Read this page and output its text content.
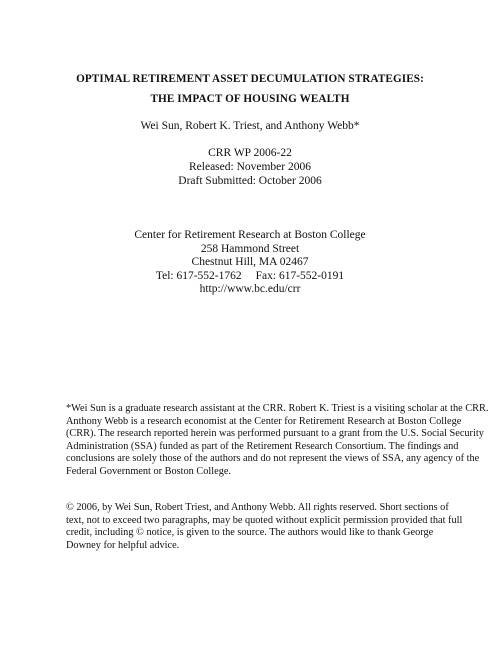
OPTIMAL RETIREMENT ASSET DECUMULATION STRATEGIES:

THE IMPACT OF HOUSING WEALTH

Wei Sun, Robert K. Triest, and Anthony Webb*

CRR WP 2006-22

Released: November 2006

Draft Submitted: October 2006

Center for Retirement Research at Boston College
258 Hammond Street
Chestnut Hill, MA 02467
Tel: 617-552-1762 Fax: 617-552-0191
http://www.bc.edu/crr
*Wei Sun is a graduate research assistant at the CRR. Robert K. Triest is a visiting scholar at the CRR.
Anthony Webb is a research economist at the Center for Retirement Research at Boston College
(CRR). The research reported herein was performed pursuant to a grant from the U.S. Social Security
Administration (SSA) funded as part of the Retirement Research Consortium. The findings and
conclusions are solely those of the authors and do not represent the views of SSA, any agency of the
Federal Government or Boston College.
© 2006, by Wei Sun, Robert Triest, and Anthony Webb. All rights reserved. Short sections of
text, not to exceed two paragraphs, may be quoted without explicit permission provided that full
credit, including © notice, is given to the source. The authors would like to thank George
Downey for helpful advice.
